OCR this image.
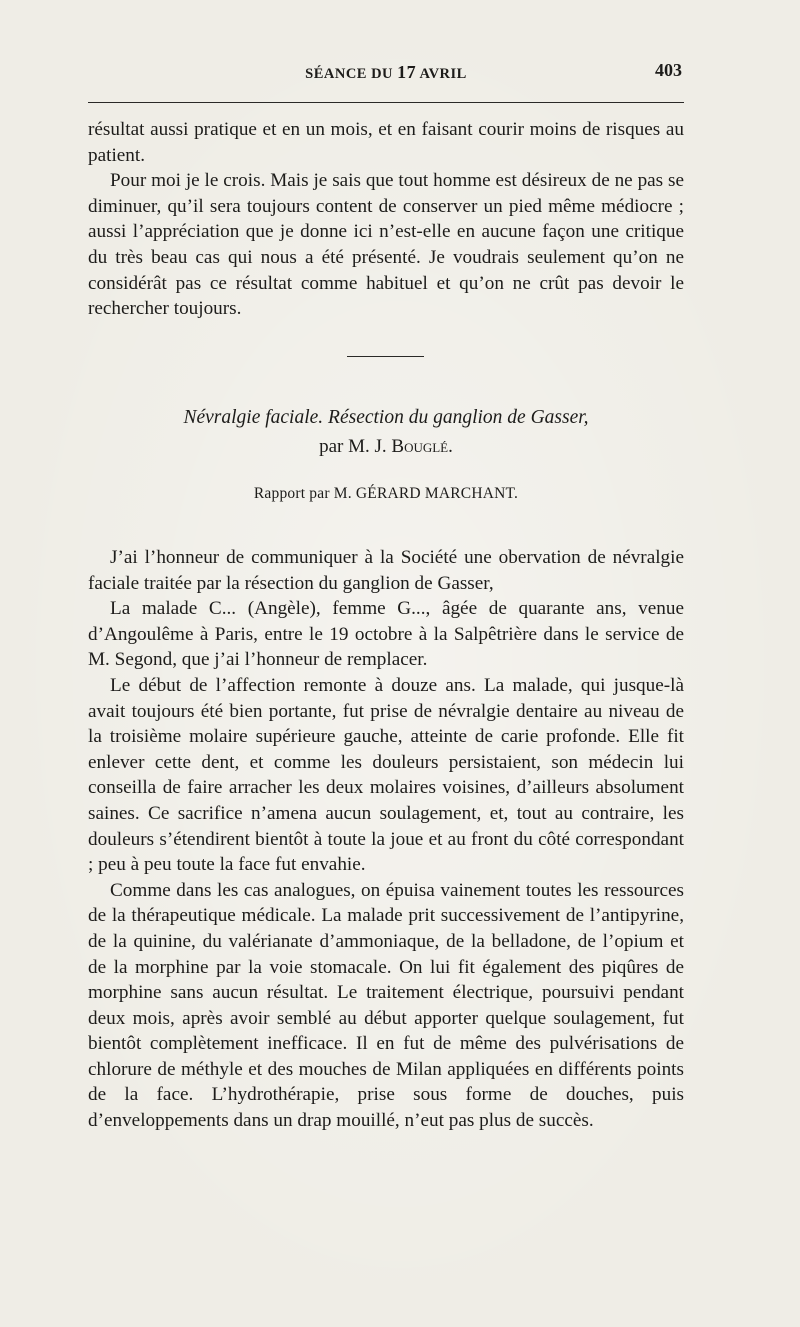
SÉANCE DU 17 AVRIL	403

résultat aussi pratique et en un mois, et en faisant courir moins de risques au patient.

Pour moi je le crois. Mais je sais que tout homme est désireux de ne pas se diminuer, qu’il sera toujours content de conserver un pied même médiocre ; aussi l’appréciation que je donne ici n’est-elle en aucune façon une critique du très beau cas qui nous a été présenté. Je voudrais seulement qu’on ne considérât pas ce résultat comme habituel et qu’on ne crût pas devoir le rechercher toujours.

Névralgie faciale. Résection du ganglion de Gasser,
par M. J. Bouglé.
Rapport par M. GÉRARD MARCHANT.

J’ai l’honneur de communiquer à la Société une obervation de névralgie faciale traitée par la résection du ganglion de Gasser,

La malade C... (Angèle), femme G..., âgée de quarante ans, venue d’Angoulême à Paris, entre le 19 octobre à la Salpêtrière dans le service de M. Segond, que j’ai l’honneur de remplacer.

Le début de l’affection remonte à douze ans. La malade, qui jusque-là avait toujours été bien portante, fut prise de névralgie dentaire au niveau de la troisième molaire supérieure gauche, atteinte de carie profonde. Elle fit enlever cette dent, et comme les douleurs persistaient, son médecin lui conseilla de faire arracher les deux molaires voisines, d’ailleurs absolument saines. Ce sacrifice n’amena aucun soulagement, et, tout au contraire, les douleurs s’étendirent bientôt à toute la joue et au front du côté correspondant ; peu à peu toute la face fut envahie.

Comme dans les cas analogues, on épuisa vainement toutes les ressources de la thérapeutique médicale. La malade prit successivement de l’antipyrine, de la quinine, du valérianate d’ammoniaque, de la belladone, de l’opium et de la morphine par la voie stomacale. On lui fit également des piqûres de morphine sans aucun résultat. Le traitement électrique, poursuivi pendant deux mois, après avoir semblé au début apporter quelque soulagement, fut bientôt complètement inefficace. Il en fut de même des pulvérisations de chlorure de méthyle et des mouches de Milan appliquées en différents points de la face. L’hydrothérapie, prise sous forme de douches, puis d’enveloppements dans un drap mouillé, n’eut pas plus de succès.
